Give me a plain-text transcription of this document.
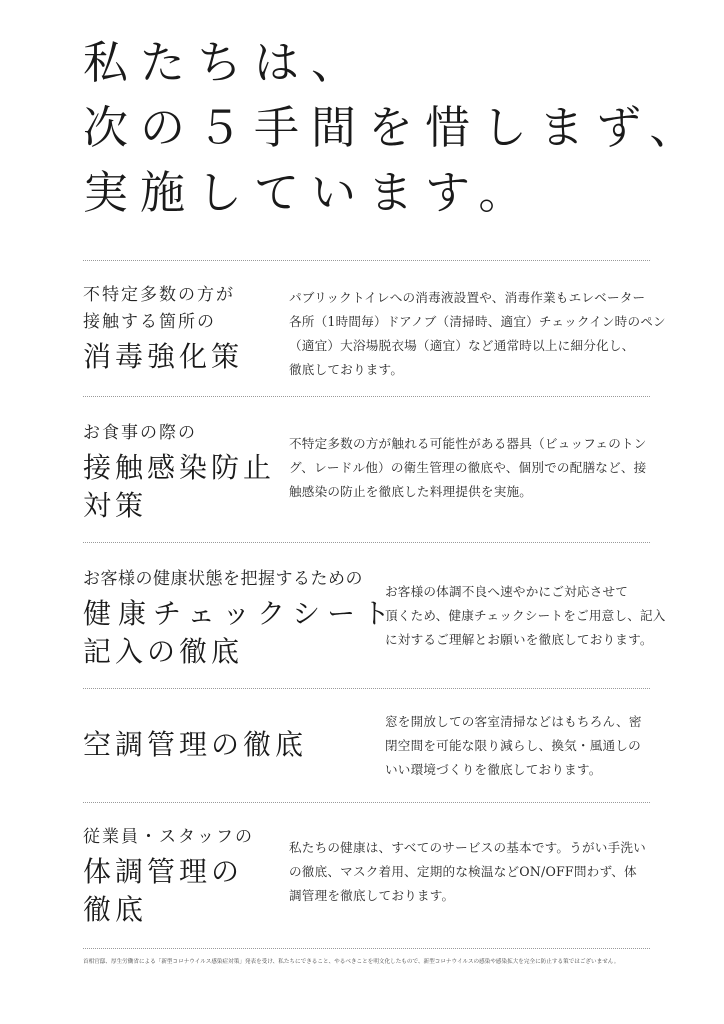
私たちは、
次の５手間を惜しまず、
実施しています。
不特定多数の方が
接触する箇所の
消毒強化策
パブリックトイレへの消毒液設置や、消毒作業もエレベーター
各所（1時間毎）ドアノブ（清掃時、適宜）チェックイン時のペン
（適宜）大浴場脱衣場（適宜）など通常時以上に細分化し、
徹底しております。
お食事の際の
接触感染防止
対策
不特定多数の方が触れる可能性がある器具（ビュッフェのトン
グ、レードル他）の衛生管理の徹底や、個別での配膳など、接
触感染の防止を徹底した料理提供を実施。
お客様の健康状態を把握するための
健康チェックシート
記入の徹底
お客様の体調不良へ速やかにご対応させて
頂くため、健康チェックシートをご用意し、記入
に対するご理解とお願いを徹底しております。
空調管理の徹底
窓を開放しての客室清掃などはもちろん、密
閉空間を可能な限り減らし、換気・風通しの
いい環境づくりを徹底しております。
従業員・スタッフの
体調管理の
徹底
私たちの健康は、すべてのサービスの基本です。うがい手洗い
の徹底、マスク着用、定期的な検温などON/OFF問わず、体
調管理を徹底しております。
首相官邸、厚生労働省による「新型コロナウイルス感染症対策」発表を受け、私たちにできること、やるべきことを明文化したもので、新型コロナウイルスの感染や感染拡大を完全に防止する策ではございません。
